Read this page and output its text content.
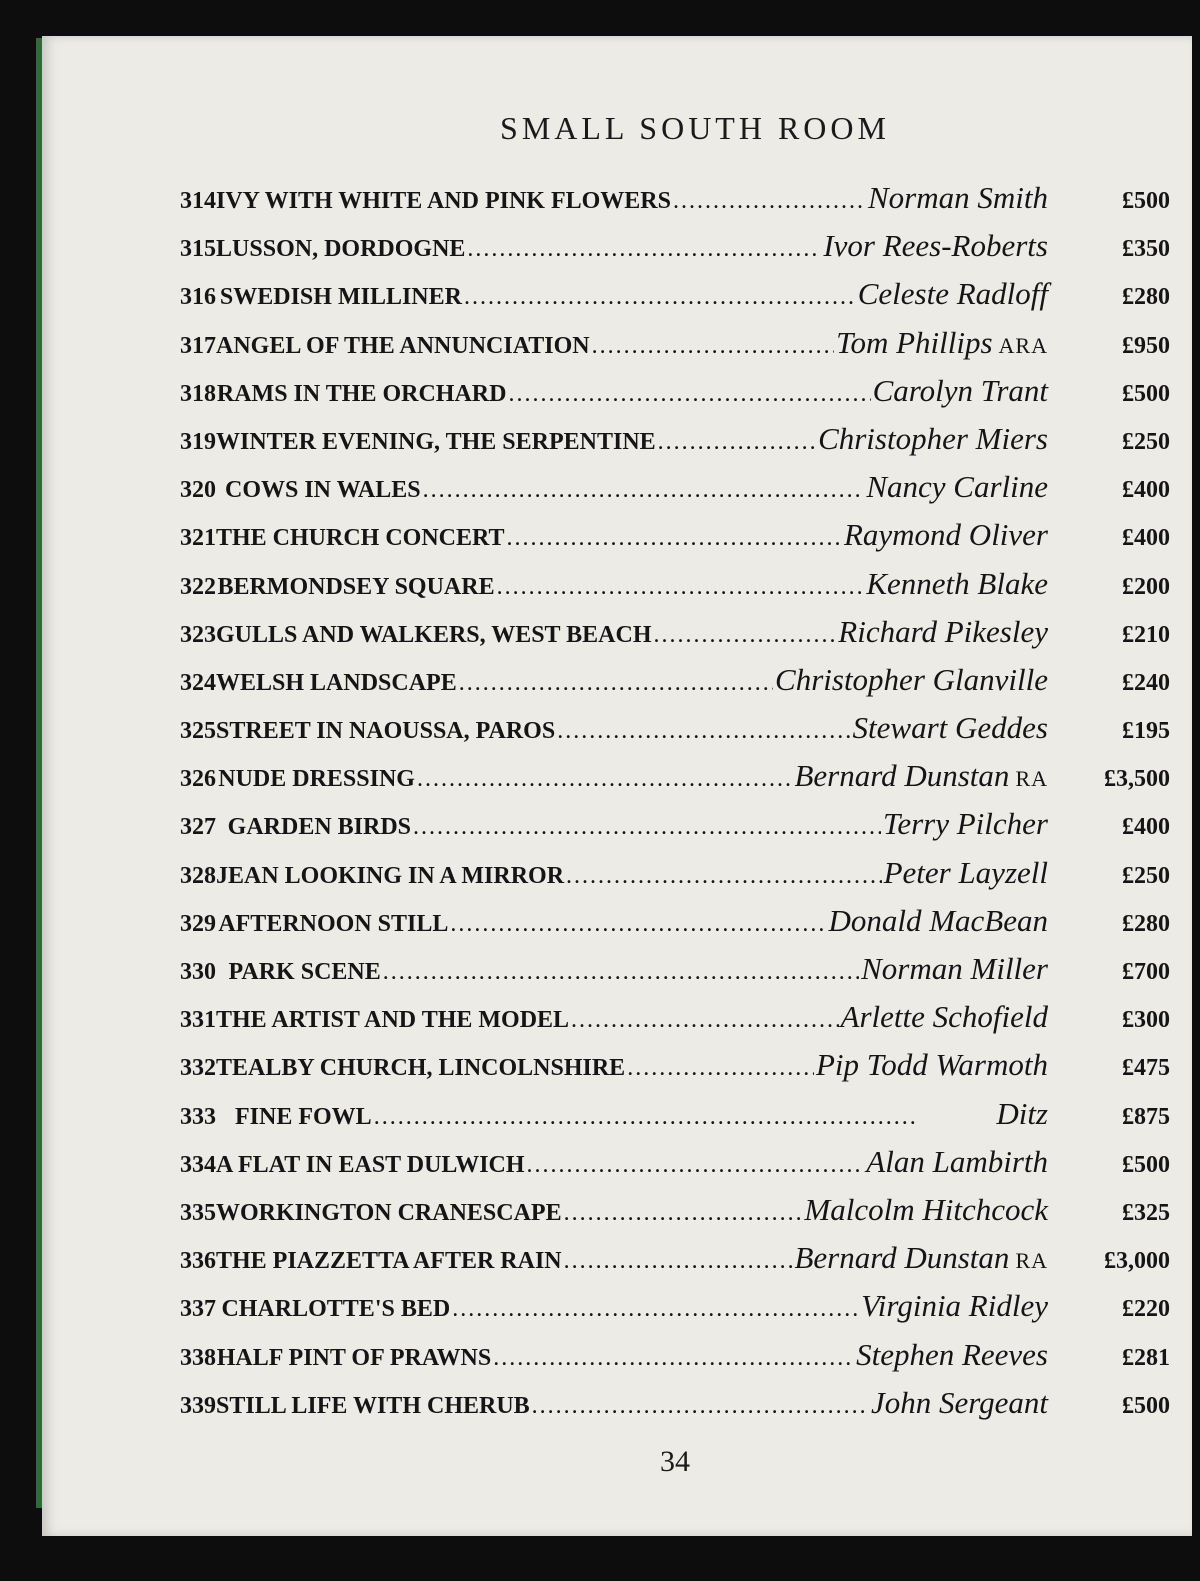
SMALL SOUTH ROOM
314 IVY WITH WHITE AND PINK FLOWERS . . .	Norman Smith	£500
315 LUSSON, DORDOGNE . . .	Ivor Rees-Roberts	£350
316 SWEDISH MILLINER . . .	Celeste Radloff	£280
317 ANGEL OF THE ANNUNCIATION . . .	Tom Phillips ARA	£950
318 RAMS IN THE ORCHARD . . .	Carolyn Trant	£500
319 WINTER EVENING, THE SERPENTINE . . .	Christopher Miers	£250
320 COWS IN WALES . . .	Nancy Carline	£400
321 THE CHURCH CONCERT . . .	Raymond Oliver	£400
322 BERMONDSEY SQUARE . . .	Kenneth Blake	£200
323 GULLS AND WALKERS, WEST BEACH . . .	Richard Pikesley	£210
324 WELSH LANDSCAPE . . .	Christopher Glanville	£240
325 STREET IN NAOUSSA, PAROS . . .	Stewart Geddes	£195
326 NUDE DRESSING . . .	Bernard Dunstan RA	£3,500
327 GARDEN BIRDS . . .	Terry Pilcher	£400
328 JEAN LOOKING IN A MIRROR . . .	Peter Layzell	£250
329 AFTERNOON STILL . . .	Donald MacBean	£280
330 PARK SCENE . . .	Norman Miller	£700
331 THE ARTIST AND THE MODEL . . .	Arlette Schofield	£300
332 TEALBY CHURCH, LINCOLNSHIRE . . .	Pip Todd Warmoth	£475
333 FINE FOWL . . .	Ditz	£875
334 A FLAT IN EAST DULWICH . . .	Alan Lambirth	£500
335 WORKINGTON CRANESCAPE . . .	Malcolm Hitchcock	£325
336 THE PIAZZETTA AFTER RAIN . . .	Bernard Dunstan RA	£3,000
337 CHARLOTTE'S BED . . .	Virginia Ridley	£220
338 HALF PINT OF PRAWNS . . .	Stephen Reeves	£281
339 STILL LIFE WITH CHERUB . . .	John Sergeant	£500
34
